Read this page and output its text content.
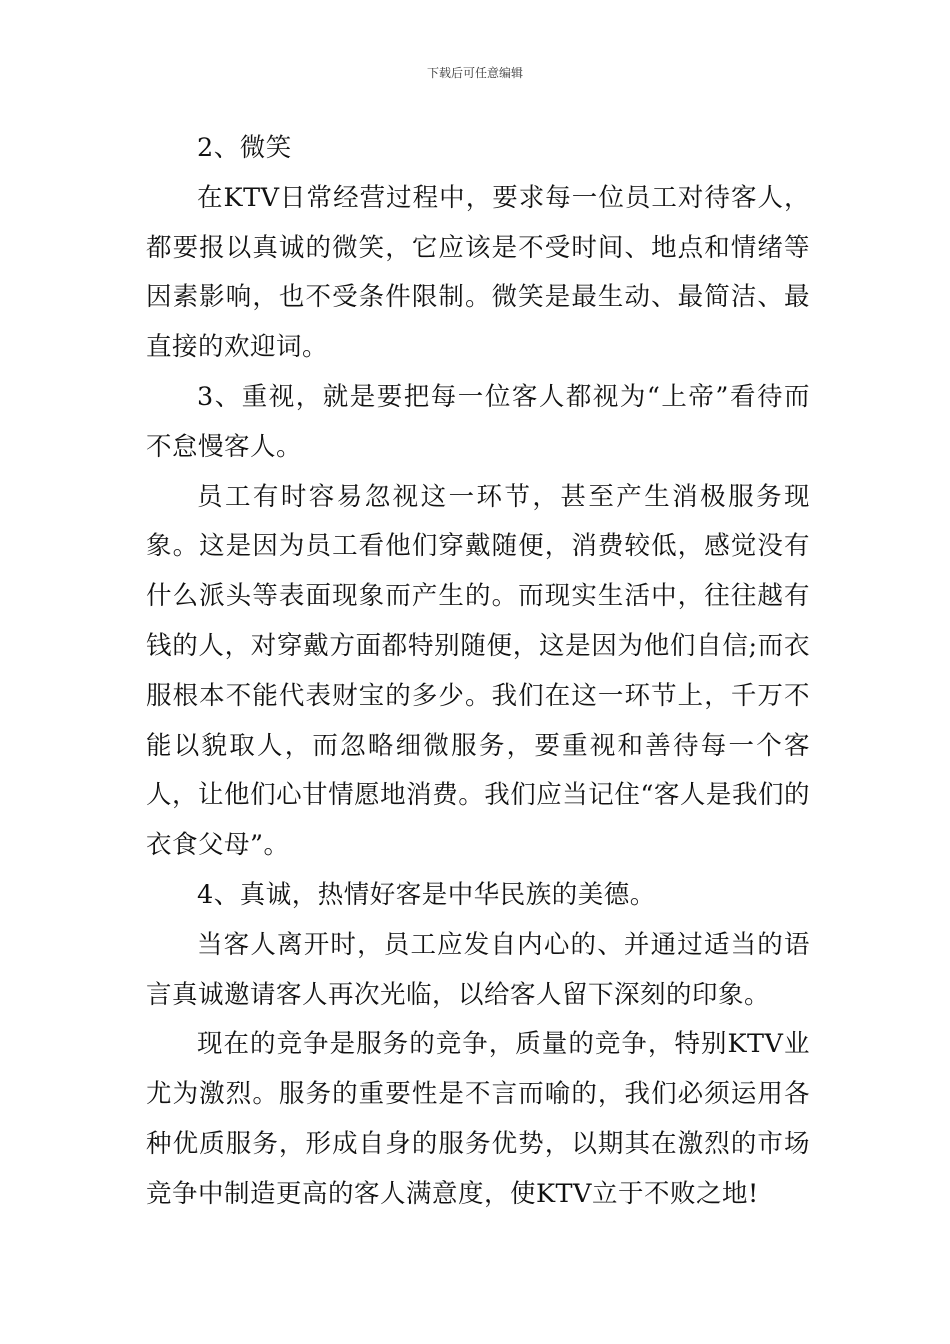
下载后可任意编辑

2、微笑

在KTV日常经营过程中，要求每一位员工对待客人，都要报以真诚的微笑，它应该是不受时间、地点和情绪等因素影响，也不受条件限制。微笑是最生动、最简洁、最直接的欢迎词。

3、重视，就是要把每一位客人都视为“上帝”看待而不怠慢客人。

员工有时容易忽视这一环节，甚至产生消极服务现象。这是因为员工看他们穿戴随便，消费较低，感觉没有什么派头等表面现象而产生的。而现实生活中，往往越有钱的人，对穿戴方面都特别随便，这是因为他们自信;而衣服根本不能代表财宝的多少。我们在这一环节上，千万不能以貌取人，而忽略细微服务，要重视和善待每一个客人，让他们心甘情愿地消费。我们应当记住“客人是我们的衣食父母”。

4、真诚，热情好客是中华民族的美德。

当客人离开时，员工应发自内心的、并通过适当的语言真诚邀请客人再次光临，以给客人留下深刻的印象。

现在的竞争是服务的竞争，质量的竞争，特别KTV业尤为激烈。服务的重要性是不言而喻的，我们必须运用各种优质服务，形成自身的服务优势，以期其在激烈的市场竞争中制造更高的客人满意度，使KTV立于不败之地!
